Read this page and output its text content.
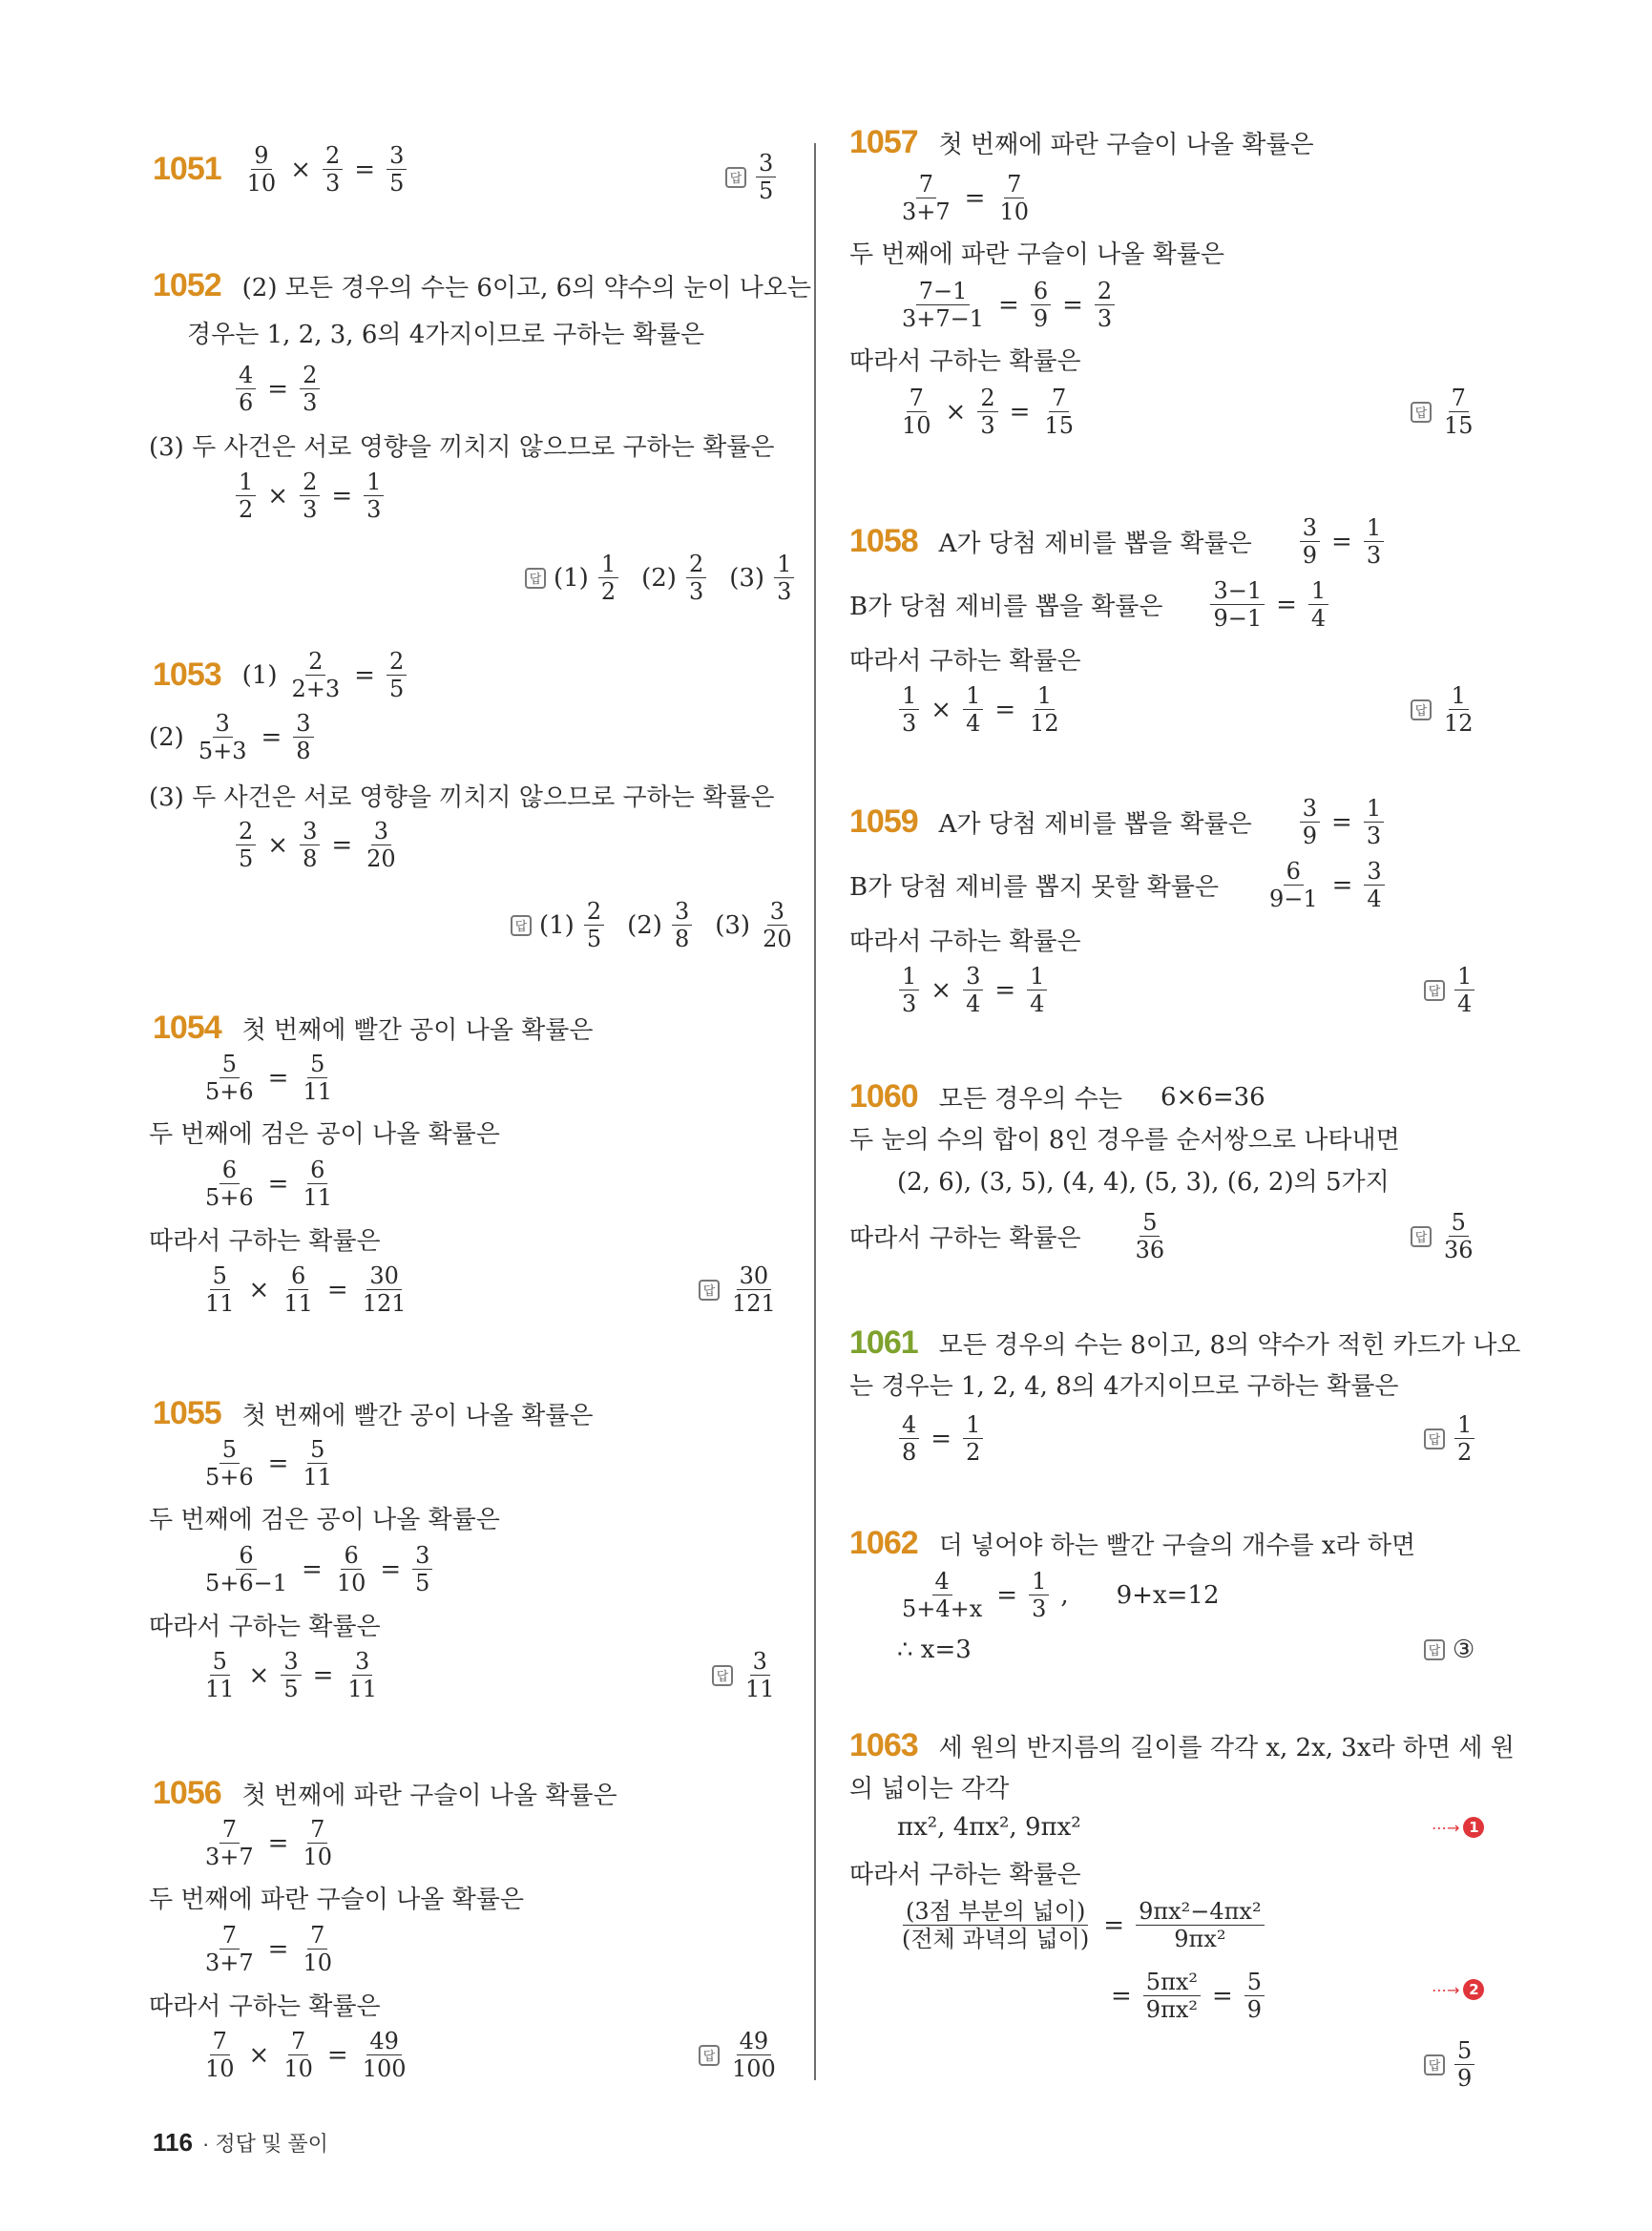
$1051 \frac{9}{10} \times \frac{2}{3} = \frac{3}{5}$	답 $\frac{3}{5}$
1052 (2) 모든 경우의 수는 6이고, 6의 약수의 눈이 나오는
경우는 1, 2, 3, 6의 4가지이므로 구하는 확률은
$\frac{4}{6} = \frac{2}{3}$
(3) 두 사건은 서로 영향을 끼치지 않으므로 구하는 확률은
$\frac{1}{2} \times \frac{2}{3} = \frac{1}{3}$
답 $(1) \frac{1}{2} (2) \frac{2}{3} (3) \frac{1}{3}$
1053 $(1) \frac{2}{2+3} = \frac{2}{5}$
$(2) \frac{3}{5+3} = \frac{3}{8}$
(3) 두 사건은 서로 영향을 끼치지 않으므로 구하는 확률은
$\frac{2}{5} \times \frac{3}{8} = \frac{3}{20}$
답 $(1) \frac{2}{5} (2) \frac{3}{8} (3) \frac{3}{20}$
1054 첫 번째에 빨간 공이 나올 확률은
$\frac{5}{5+6} = \frac{5}{11}$
두 번째에 검은 공이 나올 확률은
$\frac{6}{5+6} = \frac{6}{11}$
따라서 구하는 확률은
$\frac{5}{11} \times \frac{6}{11} = \frac{30}{121}$	답 $\frac{30}{121}$
1055 첫 번째에 빨간 공이 나올 확률은
$\frac{5}{5+6} = \frac{5}{11}$
두 번째에 검은 공이 나올 확률은
$\frac{6}{5+6-1} = \frac{6}{10} = \frac{3}{5}$
따라서 구하는 확률은
$\frac{5}{11} \times \frac{3}{5} = \frac{3}{11}$	답 $\frac{3}{11}$
1056 첫 번째에 파란 구슬이 나올 확률은
$\frac{7}{3+7} = \frac{7}{10}$
두 번째에 파란 구슬이 나올 확률은
$\frac{7}{3+7} = \frac{7}{10}$
따라서 구하는 확률은
$\frac{7}{10} \times \frac{7}{10} = \frac{49}{100}$	답 $\frac{49}{100}$
1057 첫 번째에 파란 구슬이 나올 확률은
$\frac{7}{3+7} = \frac{7}{10}$
두 번째에 파란 구슬이 나올 확률은
$\frac{7-1}{3+7-1} = \frac{6}{9} = \frac{2}{3}$
따라서 구하는 확률은
$\frac{7}{10} \times \frac{2}{3} = \frac{7}{15}$	답 $\frac{7}{15}$
1058 A가 당첨 제비를 뽑을 확률은 $\frac{3}{9} = \frac{1}{3}$
B가 당첨 제비를 뽑을 확률은 $\frac{3-1}{9-1} = \frac{1}{4}$
따라서 구하는 확률은
$\frac{1}{3} \times \frac{1}{4} = \frac{1}{12}$	답 $\frac{1}{12}$
1059 A가 당첨 제비를 뽑을 확률은 $\frac{3}{9} = \frac{1}{3}$
B가 당첨 제비를 뽑지 못할 확률은 $\frac{6}{9-1} = \frac{3}{4}$
따라서 구하는 확률은
$\frac{1}{3} \times \frac{3}{4} = \frac{1}{4}$	답 $\frac{1}{4}$
1060 모든 경우의 수는 6×6=36
두 눈의 수의 합이 8인 경우를 순서쌍으로 나타내면
(2, 6), (3, 5), (4, 4), (5, 3), (6, 2)의 5가지
따라서 구하는 확률은 $\frac{5}{36}$	답 $\frac{5}{36}$
1061 모든 경우의 수는 8이고, 8의 약수가 적힌 카드가 나오
는 경우는 1, 2, 4, 8의 4가지이므로 구하는 확률은
$\frac{4}{8} = \frac{1}{2}$	답 $\frac{1}{2}$
1062 더 넣어야 하는 빨간 구슬의 개수를 x라 하면
$\frac{4}{5+4+x} = \frac{1}{3}$ , 9+x=12
∴ x=3	답 ③
1063 세 원의 반지름의 길이를 각각 x, 2x, 3x라 하면 세 원
의 넓이는 각각
πx², 4πx², 9πx²	⋯→ 1
따라서 구하는 확률은
$\frac{\text{(3점 부분의 넓이)}}{\text{(전체 과녁의 넓이)}} = \frac{\text{9πx²−4πx²}}{\text{9πx²}}$
= $\frac{\text{5πx²}}{\text{9πx²}} = \frac{5}{9}$	⋯→ 2
답 $\frac{5}{9}$
116 · 정답 및 풀이
